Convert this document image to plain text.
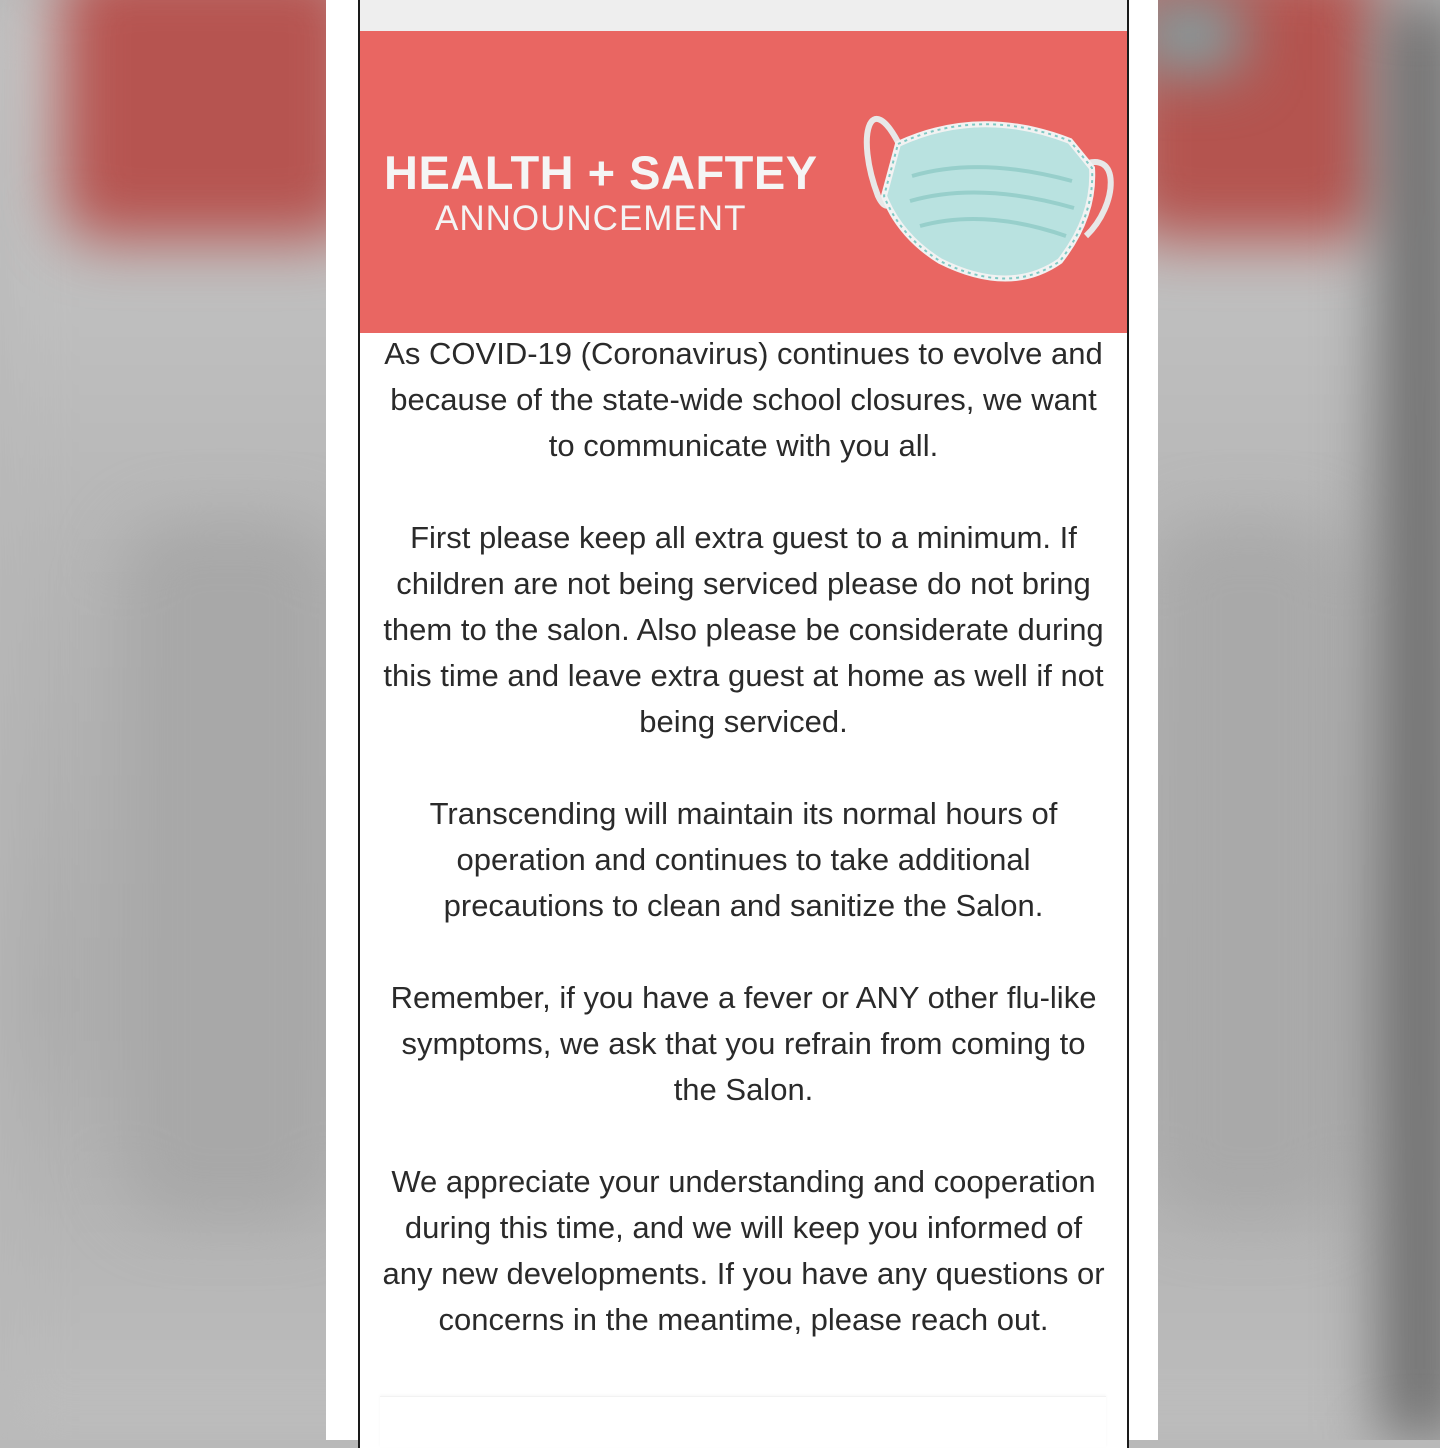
HEALTH + SAFTEY
ANNOUNCEMENT

As COVID-19 (Coronavirus) continues to evolve and because of the state-wide school closures, we want to communicate with you all.

First please keep all extra guest to a minimum. If children are not being serviced please do not bring them to the salon. Also please be considerate during this time and leave extra guest at home as well if not being serviced.

Transcending will maintain its normal hours of operation and continues to take additional precautions to clean and sanitize the Salon.

Remember, if you have a fever or ANY other flu-like symptoms, we ask that you refrain from coming to the Salon.

We appreciate your understanding and cooperation during this time, and we will keep you informed of any new developments. If you have any questions or concerns in the meantime, please reach out.
